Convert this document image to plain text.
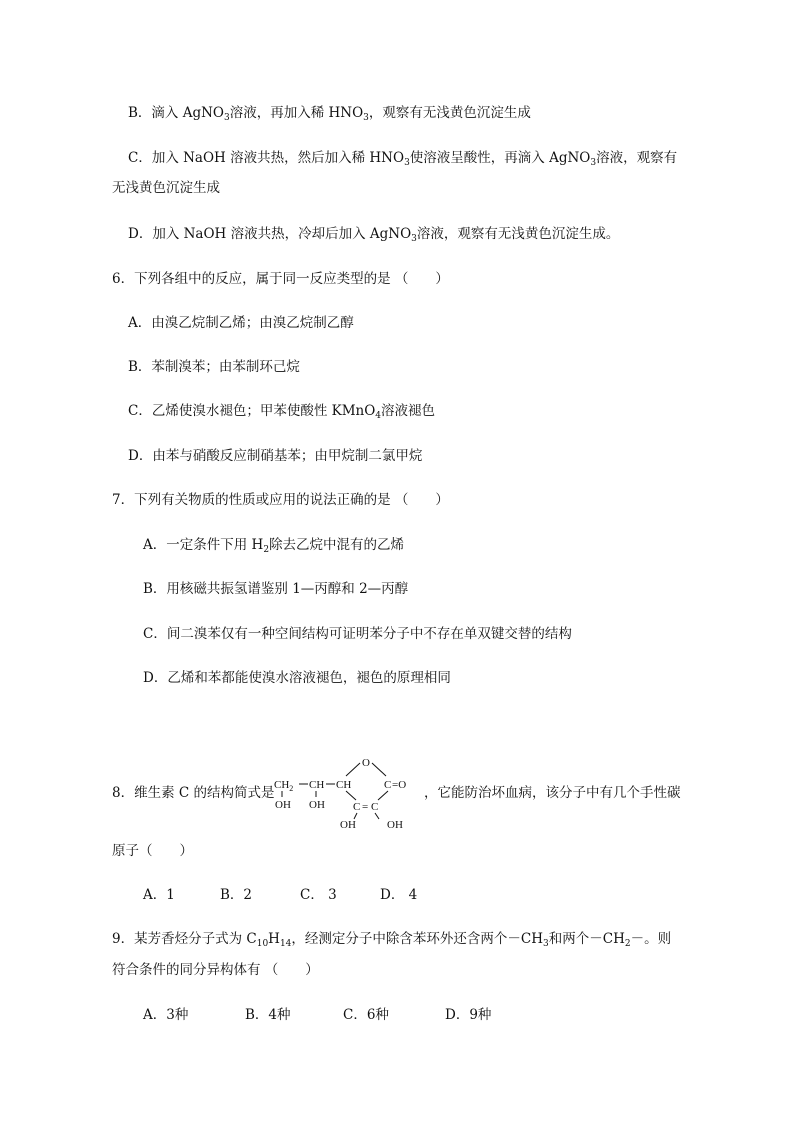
B．滴入 AgNO$_3$溶液，再加入稀 $HNO_3$，观察有无浅黄色沉淀生成
C．加入 NaOH 溶液共热，然后加入稀 $HNO_3$使溶液呈酸性，再滴入 AgNO$_3$溶液，观察有
无浅黄色沉淀生成
D．加入 NaOH 溶液共热，冷却后加入 AgNO$_3$溶液，观察有无浅黄色沉淀生成。
6．下列各组中的反应，属于同一反应类型的是 （　　）
A．由溴乙烷制乙烯；由溴乙烷制乙醇
B．苯制溴苯；由苯制环己烷
C．乙烯使溴水褪色；甲苯使酸性 KMnO$_4$溶液褪色
D．由苯与硝酸反应制硝基苯；由甲烷制二氯甲烷
7．下列有关物质的性质或应用的说法正确的是 （　　）
A．一定条件下用 $H_2$除去乙烷中混有的乙烯
B．用核磁共振氢谱鉴别 1—丙醇和 2—丙醇
C．间二溴苯仅有一种空间结构可证明苯分子中不存在单双键交替的结构
D．乙烯和苯都能使溴水溶液褪色，褪色的原理相同
8．维生素 C 的结构简式是
O
$CH_2$ CH CH	C =O
OH OH	C = C
OH	OH
，它能防治坏血病，该分子中有几个手性碳
原子（　　）
A．1	B．2	C． 3	D． 4
9．某芳香烃分子式为 $C_{10}H_{14}$，经测定分子中除含苯环外还含两个$-CH_3$和两个$-CH_2-$。则
符合条件的同分异构体有 （　　）
A．3种	B．4种	C．6种	D．9种
